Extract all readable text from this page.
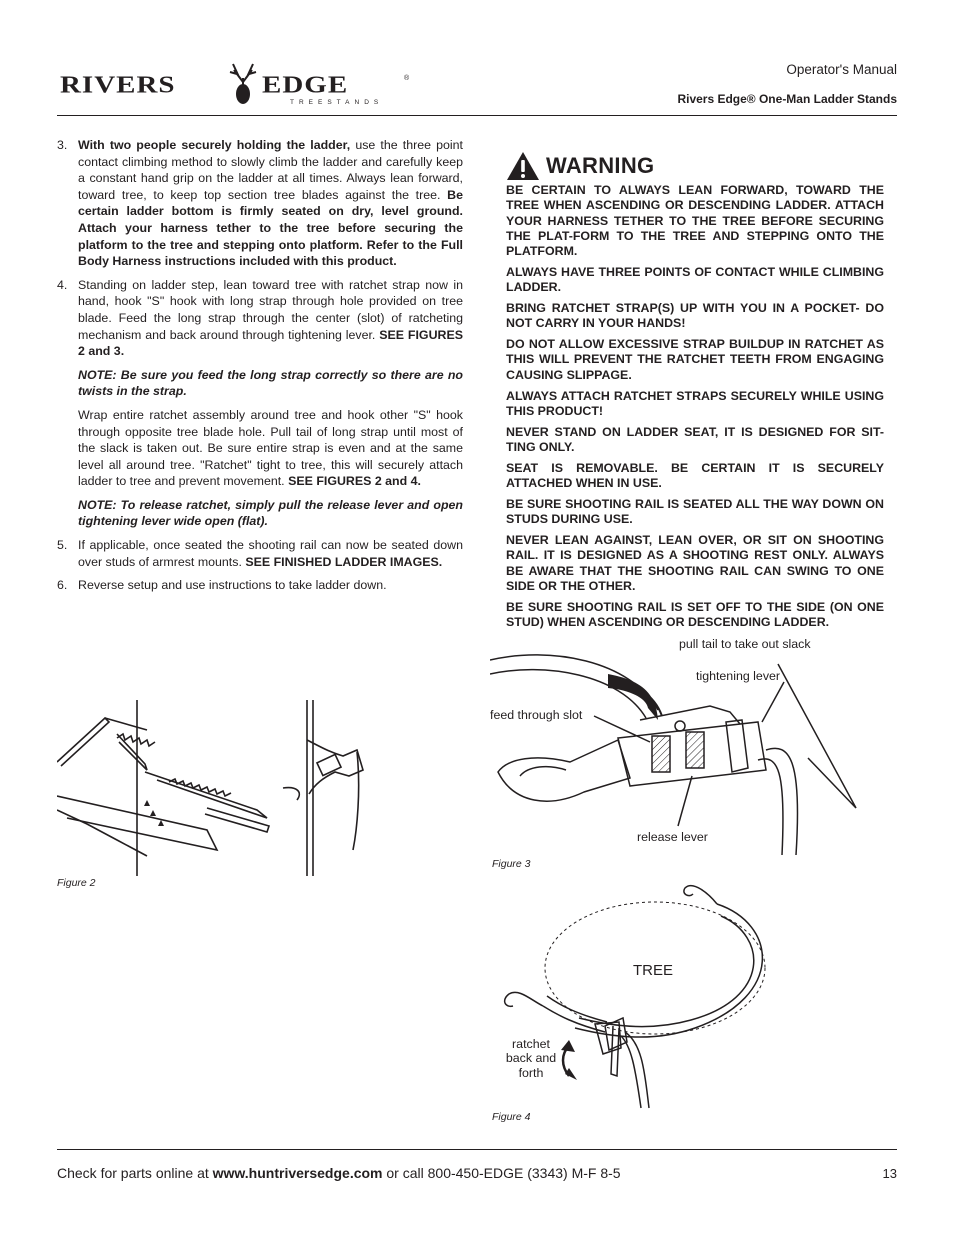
RIVERS	EDGE	®
TREESTANDS
Operator's Manual
Rivers Edge® One-Man Ladder Stands
3. With two people securely holding the ladder, use the three point contact climbing method to slowly climb the ladder and carefully keep a constant hand grip on the ladder at all times. Always lean forward, toward tree, to keep top section tree blades against the tree. Be certain ladder bottom is firmly seated on dry, level ground. Attach your harness tether to the tree before securing the platform to the tree and stepping onto platform. Refer to the Full Body Harness instructions included with this product.

4. Standing on ladder step, lean toward tree with ratchet strap now in hand, hook "S" hook with long strap through hole provided on tree blade. Feed the long strap through the center (slot) of ratcheting mechanism and back around through tightening lever. SEE FIGURES 2 and 3.

NOTE: Be sure you feed the long strap correctly so there are no twists in the strap.

Wrap entire ratchet assembly around tree and hook other "S" hook through opposite tree blade hole. Pull tail of long strap until most of the slack is taken out. Be sure entire strap is even and at the same level all around tree. "Ratchet" tight to tree, this will securely attach ladder to tree and prevent movement. SEE FIGURES 2 and 4.

NOTE: To release ratchet, simply pull the release lever and open tightening lever wide open (flat).

5. If applicable, once seated the shooting rail can now be seated down over studs of armrest mounts. SEE FINISHED LADDER IMAGES.

6. Reverse setup and use instructions to take ladder down.

WARNING

BE CERTAIN TO ALWAYS LEAN FORWARD, TOWARD THE TREE WHEN ASCENDING OR DESCENDING LADDER. ATTACH YOUR HARNESS TETHER TO THE TREE BEFORE SECURING THE PLAT-FORM TO THE TREE AND STEPPING ONTO THE PLATFORM.

ALWAYS HAVE THREE POINTS OF CONTACT WHILE CLIMBING LADDER.

BRING RATCHET STRAP(S) UP WITH YOU IN A POCKET- DO NOT CARRY IN YOUR HANDS!

DO NOT ALLOW EXCESSIVE STRAP BUILDUP IN RATCHET AS THIS WILL PREVENT THE RATCHET TEETH FROM ENGAGING CAUSING SLIPPAGE.

ALWAYS ATTACH RATCHET STRAPS SECURELY WHILE USING THIS PRODUCT!

NEVER STAND ON LADDER SEAT, IT IS DESIGNED FOR SIT-TING ONLY.

SEAT IS REMOVABLE. BE CERTAIN IT IS SECURELY ATTACHED WHEN IN USE.

BE SURE SHOOTING RAIL IS SEATED ALL THE WAY DOWN ON STUDS DURING USE.

NEVER LEAN AGAINST, LEAN OVER, OR SIT ON SHOOTING RAIL. IT IS DESIGNED AS A SHOOTING REST ONLY. ALWAYS BE AWARE THAT THE SHOOTING RAIL CAN SWING TO ONE SIDE OR THE OTHER.

BE SURE SHOOTING RAIL IS SET OFF TO THE SIDE (ON ONE STUD) WHEN ASCENDING OR DESCENDING LADDER.

Figure 2
pull tail to take out slack
tightening lever
feed through slot
release lever
Figure 3
TREE
ratchet
back and
forth
Figure 4
Check for parts online at www.huntriversedge.com or call 800-450-EDGE (3343) M-F 8-5	13
